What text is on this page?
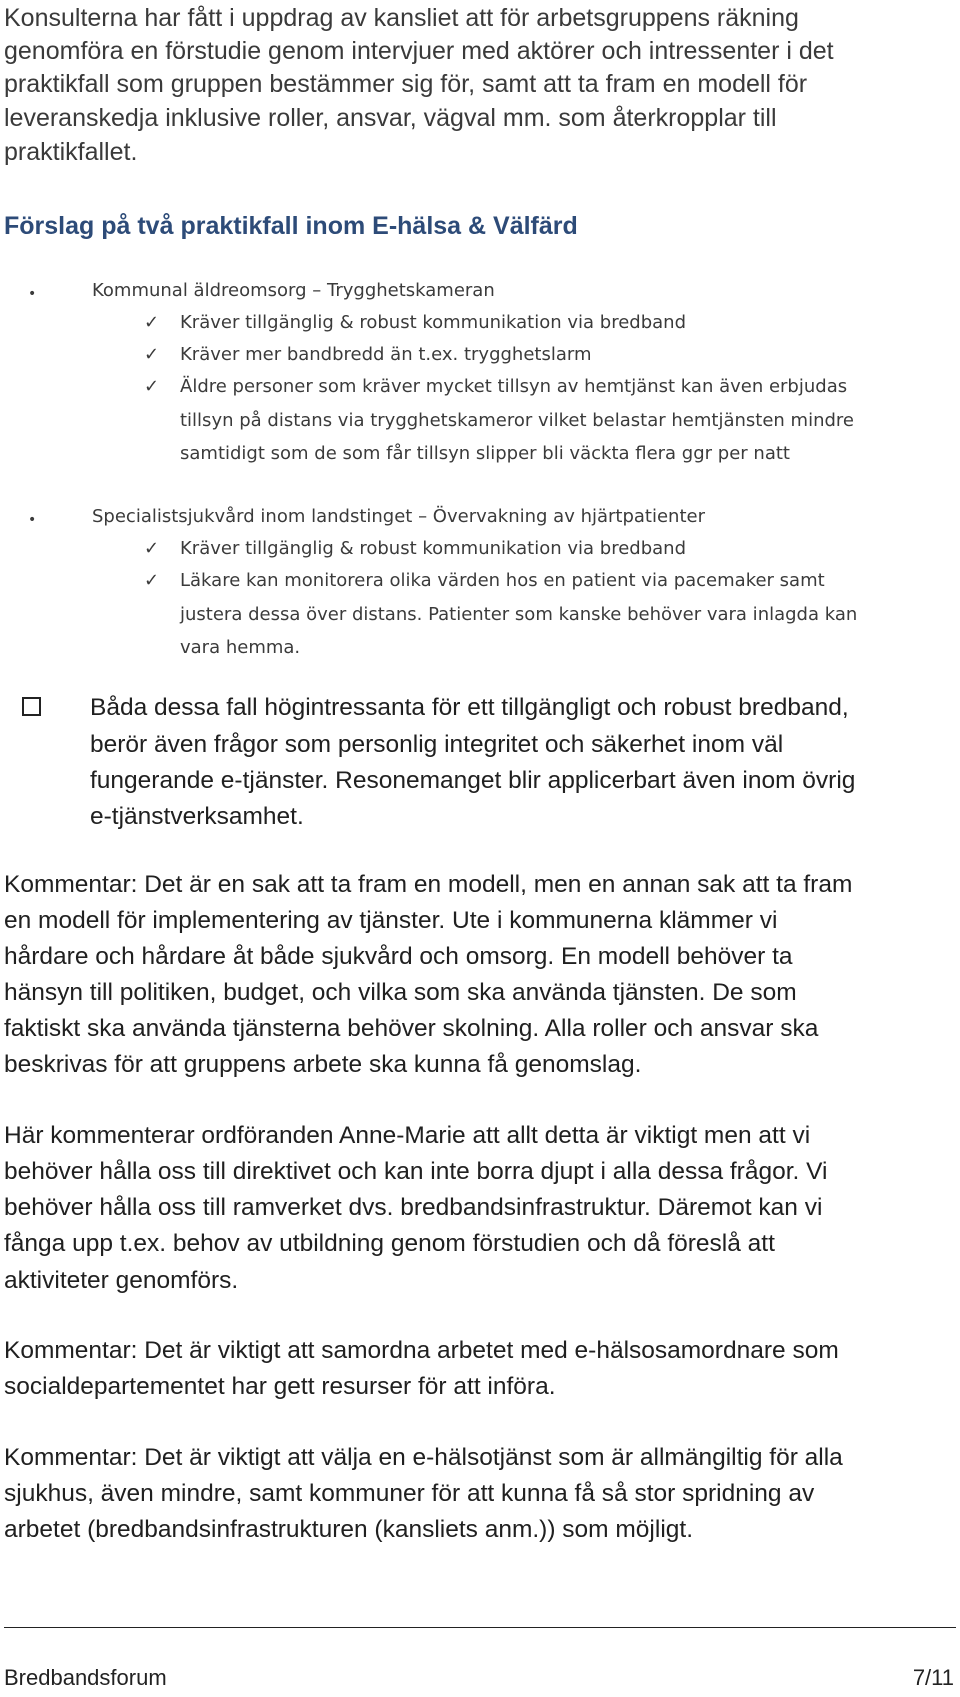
Konsulterna har fått i uppdrag av kansliet att för arbetsgruppens räkning
genomföra en förstudie genom intervjuer med aktörer och intressenter i det
praktikfall som gruppen bestämmer sig för, samt att ta fram en modell för
leveranskedja inklusive roller, ansvar, vägval mm. som återkropplar till
praktikfallet.
Förslag på två praktikfall inom E-hälsa & Välfärd
•	Kommunal äldreomsorg – Trygghetskameran
✓ Kräver tillgänglig & robust kommunikation via bredband
✓ Kräver mer bandbredd än t.ex. trygghetslarm
✓ Äldre personer som kräver mycket tillsyn av hemtjänst kan även erbjudas
tillsyn på distans via trygghetskameror vilket belastar hemtjänsten mindre
samtidigt som de som får tillsyn slipper bli väckta flera ggr per natt
•	Specialistsjukvård inom landstinget – Övervakning av hjärtpatienter
✓ Kräver tillgänglig & robust kommunikation via bredband
✓ Läkare kan monitorera olika värden hos en patient via pacemaker samt
justera dessa över distans. Patienter som kanske behöver vara inlagda kan
vara hemma.
Båda dessa fall högintressanta för ett tillgängligt och robust bredband,
berör även frågor som personlig integritet och säkerhet inom väl
fungerande e-tjänster. Resonemanget blir applicerbart även inom övrig
e-tjänstverksamhet.
Kommentar: Det är en sak att ta fram en modell, men en annan sak att ta fram
en modell för implementering av tjänster. Ute i kommunerna klämmer vi
hårdare och hårdare åt både sjukvård och omsorg. En modell behöver ta
hänsyn till politiken, budget, och vilka som ska använda tjänsten. De som
faktiskt ska använda tjänsterna behöver skolning. Alla roller och ansvar ska
beskrivas för att gruppens arbete ska kunna få genomslag.
Här kommenterar ordföranden Anne-Marie att allt detta är viktigt men att vi
behöver hålla oss till direktivet och kan inte borra djupt i alla dessa frågor. Vi
behöver hålla oss till ramverket dvs. bredbandsinfrastruktur. Däremot kan vi
fånga upp t.ex. behov av utbildning genom förstudien och då föreslå att
aktiviteter genomförs.
Kommentar: Det är viktigt att samordna arbetet med e-hälsosamordnare som
socialdepartementet har gett resurser för att införa.
Kommentar: Det är viktigt att välja en e-hälsotjänst som är allmängiltig för alla
sjukhus, även mindre, samt kommuner för att kunna få så stor spridning av
arbetet (bredbandsinfrastrukturen (kansliets anm.)) som möjligt.
Bredbandsforum	7/11
